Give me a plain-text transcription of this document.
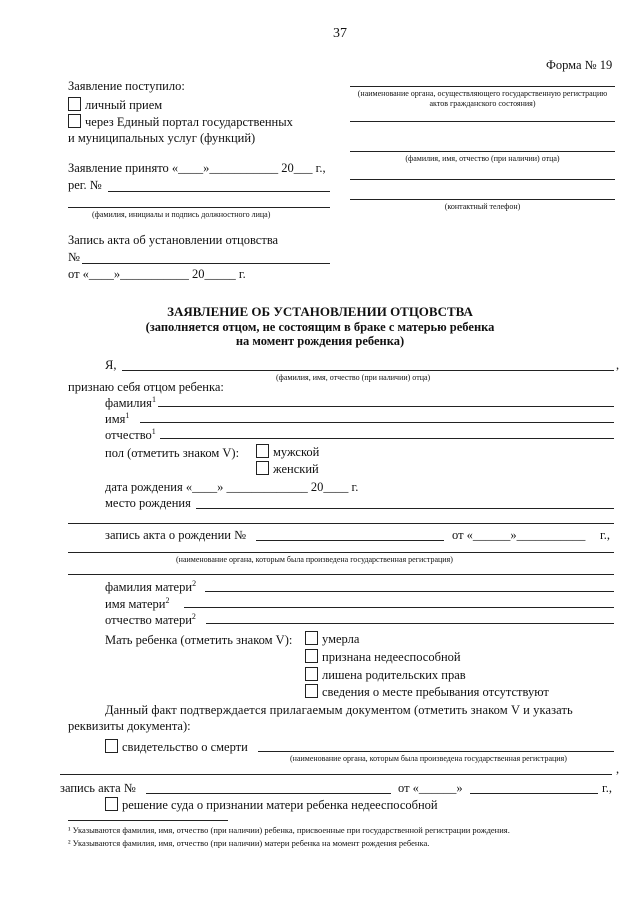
37
Форма № 19
Заявление поступило:
личный прием
через Единый портал государственных
и муниципальных услуг (функций)
Заявление принято «____»___________ 20___ г.,
рег. №
(фамилия, инициалы и подпись должностного лица)
(наименование органа, осуществляющего государственную регистрацию актов гражданского состояния)
(фамилия, имя, отчество (при наличии) отца)
(контактный телефон)
Запись акта об установлении отцовства
№
от «____»___________ 20_____ г.
ЗАЯВЛЕНИЕ ОБ УСТАНОВЛЕНИИ ОТЦОВСТВА
(заполняется отцом, не состоящим в браке с матерью ребенка
на момент рождения ребенка)
Я,	,
(фамилия, имя, отчество (при наличии) отца)
признаю себя отцом ребенка:
фамилия$^1$
имя$^1$
отчество$^1$
пол (отметить знаком V):	мужской
женский
дата рождения «____» _____________ 20____ г.
место рождения
запись акта о рождении №	от «______»___________ г.,
(наименование органа, которым была произведена государственная регистрация)
фамилия матери$^2$
имя матери$^2$
отчество матери$^2$
Мать ребенка (отметить знаком V):	умерла
признана недееспособной
лишена родительских прав
сведения о месте пребывания отсутствуют
Данный факт подтверждается прилагаемым документом (отметить знаком V и указать
реквизиты документа):
свидетельство о смерти
(наименование органа, которым была произведена государственная регистрация)
,
запись акта №	от «______»	г.,
решение суда о признании матери ребенка недееспособной
¹ Указываются фамилия, имя, отчество (при наличии) ребенка, присвоенные при государственной регистрации рождения.
² Указываются фамилия, имя, отчество (при наличии) матери ребенка на момент рождения ребенка.
